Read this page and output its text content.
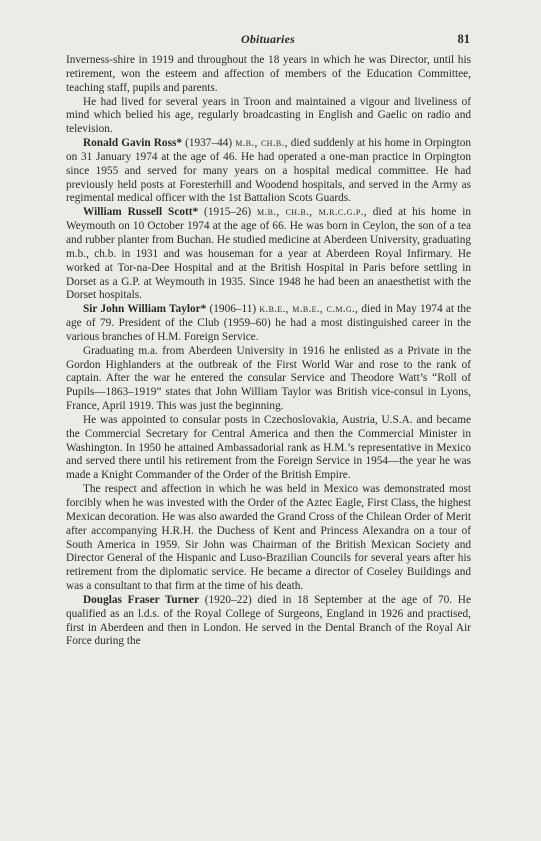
Obituaries	81

Inverness-shire in 1919 and throughout the 18 years in which he was Director, until his retirement, won the esteem and affection of members of the Education Committee, teaching staff, pupils and parents.

He had lived for several years in Troon and maintained a vigour and liveliness of mind which belied his age, regularly broadcasting in English and Gaelic on radio and television.

Ronald Gavin Ross* (1937–44) m.b., ch.b., died suddenly at his home in Orpington on 31 January 1974 at the age of 46. He had operated a one-man practice in Orpington since 1955 and served for many years on a hospital medical committee. He had previously held posts at Foresterhill and Woodend hospitals, and served in the Army as regimental medical officer with the 1st Battalion Scots Guards.

William Russell Scott* (1915–26) m.b., ch.b., m.r.c.g.p., died at his home in Weymouth on 10 October 1974 at the age of 66. He was born in Ceylon, the son of a tea and rubber planter from Buchan. He studied medicine at Aberdeen University, graduating m.b., ch.b. in 1931 and was houseman for a year at Aberdeen Royal Infirmary. He worked at Tor-na-Dee Hospital and at the British Hospital in Paris before settling in Dorset as a G.P. at Weymouth in 1935. Since 1948 he had been an anaesthetist with the Dorset hospitals.

Sir John William Taylor* (1906–11) k.b.e., m.b.e., c.m.g., died in May 1974 at the age of 79. President of the Club (1959–60) he had a most distinguished career in the various branches of H.M. Foreign Service.

Graduating m.a. from Aberdeen University in 1916 he enlisted as a Private in the Gordon Highlanders at the outbreak of the First World War and rose to the rank of captain. After the war he entered the consular Service and Theodore Watt’s “Roll of Pupils—1863–1919” states that John William Taylor was British vice-consul in Lyons, France, April 1919. This was just the beginning.

He was appointed to consular posts in Czechoslovakia, Austria, U.S.A. and became the Commercial Secretary for Central America and then the Commercial Minister in Washington. In 1950 he attained Ambassadorial rank as H.M.’s representative in Mexico and served there until his retirement from the Foreign Service in 1954—the year he was made a Knight Commander of the Order of the British Empire.

The respect and affection in which he was held in Mexico was demonstrated most forcibly when he was invested with the Order of the Aztec Eagle, First Class, the highest Mexican decoration. He was also awarded the Grand Cross of the Chilean Order of Merit after accompanying H.R.H. the Duchess of Kent and Princess Alexandra on a tour of South America in 1959. Sir John was Chairman of the British Mexican Society and Director General of the Hispanic and Luso-Brazilian Councils for several years after his retirement from the diplomatic service. He became a director of Coseley Buildings and was a consultant to that firm at the time of his death.

Douglas Fraser Turner (1920–22) died in 18 September at the age of 70. He qualified as an l.d.s. of the Royal College of Surgeons, England in 1926 and practised, first in Aberdeen and then in London. He served in the Dental Branch of the Royal Air Force during the
